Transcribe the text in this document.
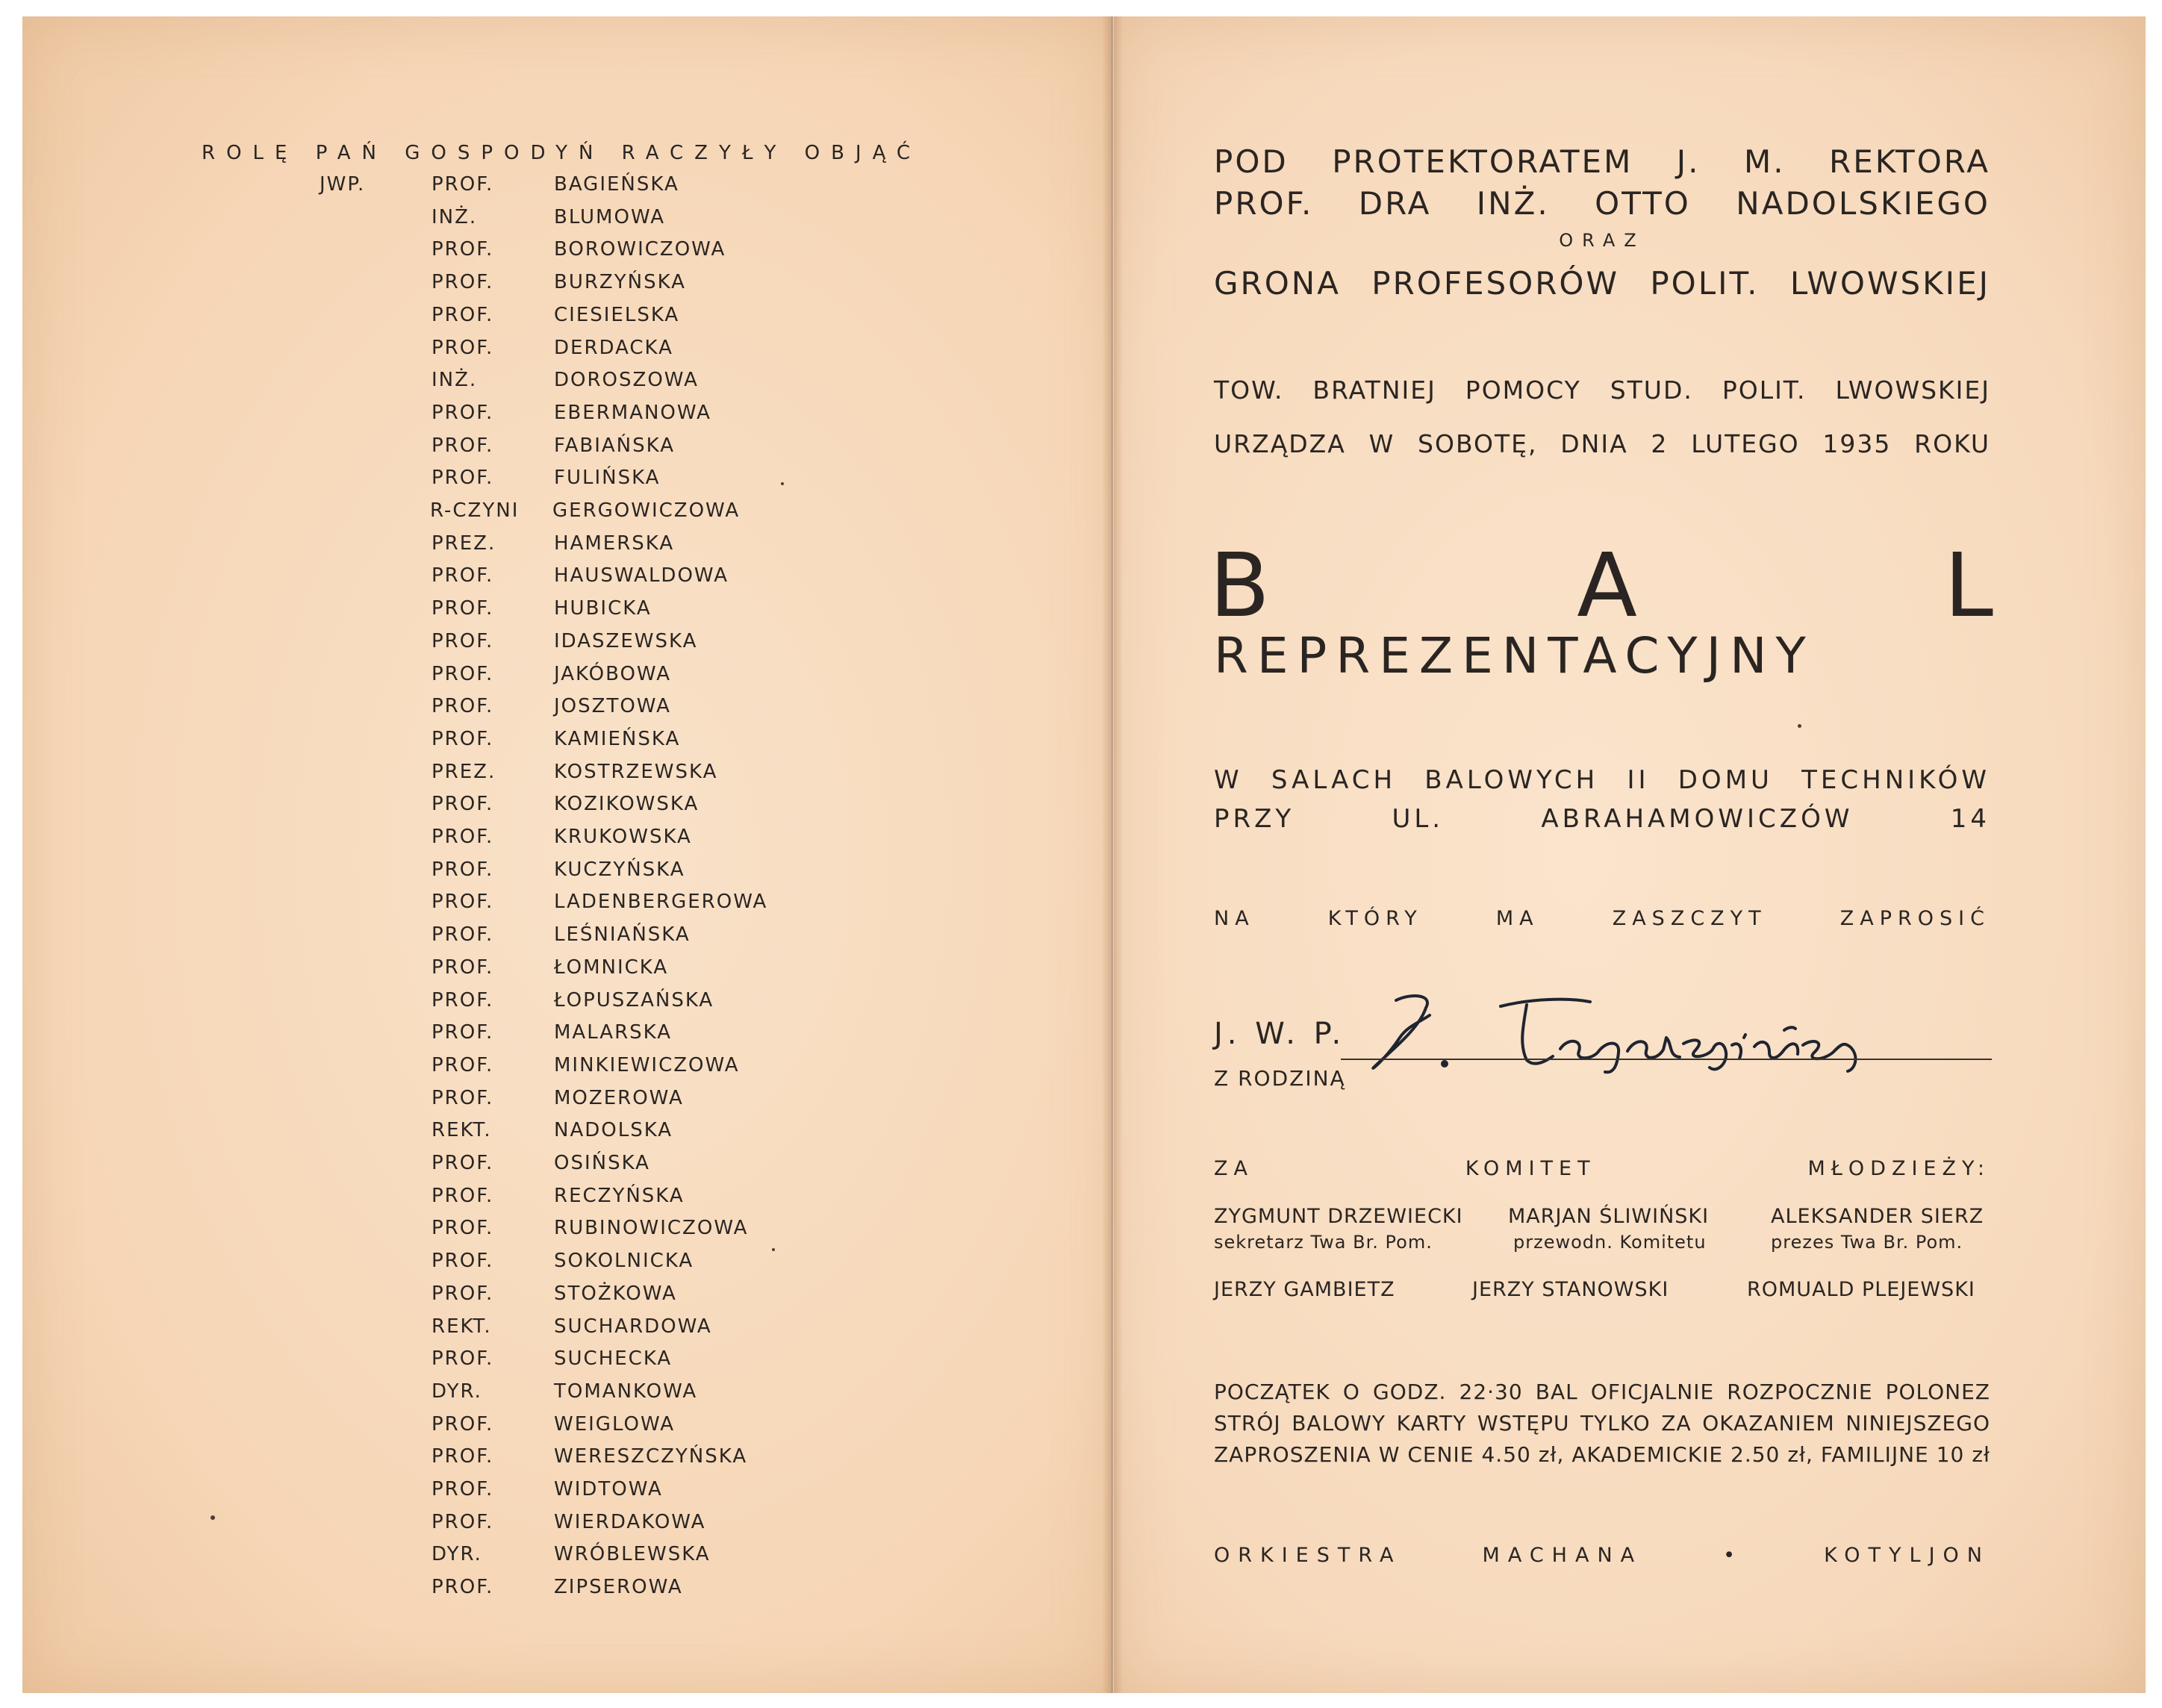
ROLĘ PAŃ GOSPODYŃ RACZYŁY OBJĄĆ
JWP.	PROF.	BAGIEŃSKA
INŻ.	BLUMOWA
PROF.	BOROWICZOWA
PROF.	BURZYŃSKA
PROF.	CIESIELSKA
PROF.	DERDACKA
INŻ.	DOROSZOWA
PROF.	EBERMANOWA
PROF.	FABIAŃSKA
PROF.	FULIŃSKA
R-CZYNI GERGOWICZOWA
PREZ.	HAMERSKA
PROF.	HAUSWALDOWA
PROF.	HUBICKA
PROF.	IDASZEWSKA
PROF.	JAKÓBOWA
PROF.	JOSZTOWA
PROF.	KAMIEŃSKA
PREZ.	KOSTRZEWSKA
PROF.	KOZIKOWSKA
PROF.	KRUKOWSKA
PROF.	KUCZYŃSKA
PROF.	LADENBERGEROWA
PROF.	LEŚNIAŃSKA
PROF.	ŁOMNICKA
PROF.	ŁOPUSZAŃSKA
PROF.	MALARSKA
PROF.	MINKIEWICZOWA
PROF.	MOZEROWA
REKT.	NADOLSKA
PROF.	OSIŃSKA
PROF.	RECZYŃSKA
PROF.	RUBINOWICZOWA
PROF.	SOKOLNICKA
PROF.	STOŻKOWA
REKT.	SUCHARDOWA
PROF.	SUCHECKA
DYR.	TOMANKOWA
PROF.	WEIGLOWA
PROF.	WERESZCZYŃSKA
PROF.	WIDTOWA
PROF.	WIERDAKOWA
DYR.	WRÓBLEWSKA
PROF.	ZIPSEROWA
POD PROTEKTORATEM J. M. REKTORA
PROF. DRA INŻ. OTTO NADOLSKIEGO
ORAZ
GRONA PROFESORÓW POLIT. LWOWSKIEJ
TOW. BRATNIEJ POMOCY STUD. POLIT. LWOWSKIEJ
URZĄDZA W SOBOTĘ, DNIA 2 LUTEGO 1935 ROKU
B	A	L
REPREZENTACYJNY
W SALACH BALOWYCH II DOMU TECHNIKÓW
PRZY UL. ABRAHAMOWICZÓW 14
NA KTÓRY MA ZASZCZYT ZAPROSIĆ
J. W. P.
Z RODZINĄ
ZA KOMITET MŁODZIEŻY:
ZYGMUNT DRZEWIECKI
sekretarz Twa Br. Pom.
MARJAN ŚLIWIŃSKI
przewodn. Komitetu
ALEKSANDER SIERZ
prezes Twa Br. Pom.
JERZY GAMBIETZ	JERZY STANOWSKI	ROMUALD PLEJEWSKI
POCZĄTEK O GODZ. 22·30 BAL OFICJALNIE ROZPOCZNIE POLONEZ
STRÓJ BALOWY KARTY WSTĘPU TYLKO ZA OKAZANIEM NINIEJSZEGO
ZAPROSZENIA W CENIE 4.50 zł, AKADEMICKIE 2.50 zł, FAMILIJNE 10 zł
ORKIESTRA MACHANA • KOTYLJON
